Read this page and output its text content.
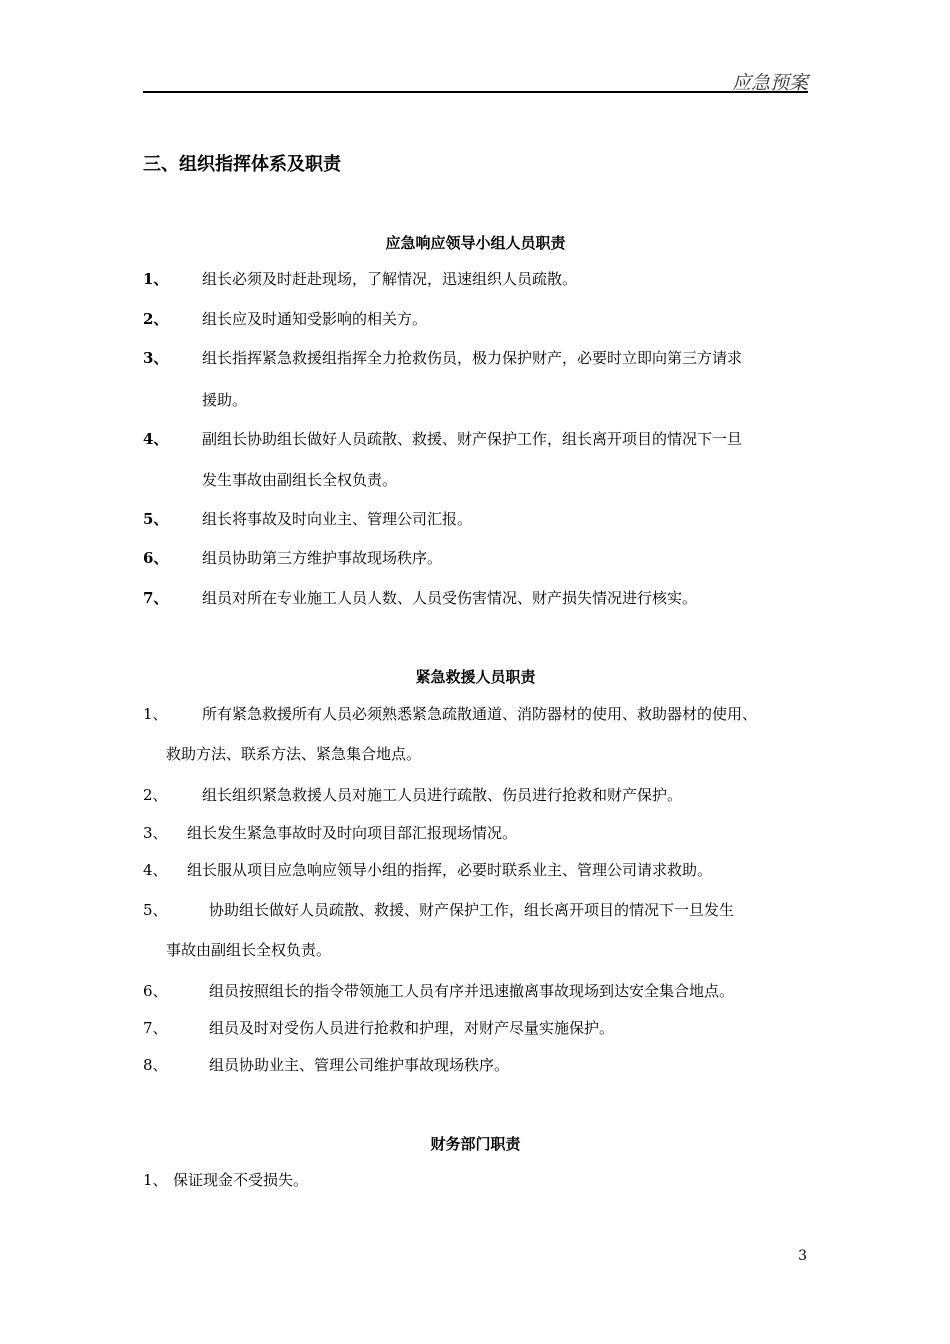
应急预案
三、组织指挥体系及职责
应急响应领导小组人员职责
1、 组长必须及时赶赴现场，了解情况，迅速组织人员疏散。
2、 组长应及时通知受影响的相关方。
3、 组长指挥紧急救援组指挥全力抢救伤员，极力保护财产，必要时立即向第三方请求
援助。
4、 副组长协助组长做好人员疏散、救援、财产保护工作，组长离开项目的情况下一旦
发生事故由副组长全权负责。
5、 组长将事故及时向业主、管理公司汇报。
6、 组员协助第三方维护事故现场秩序。
7、 组员对所在专业施工人员人数、人员受伤害情况、财产损失情况进行核实。
紧急救援人员职责
1、 所有紧急救援所有人员必须熟悉紧急疏散通道、消防器材的使用、救助器材的使用、
救助方法、联系方法、紧急集合地点。
2、 组长组织紧急救援人员对施工人员进行疏散、伤员进行抢救和财产保护。
3、 组长发生紧急事故时及时向项目部汇报现场情况。
4、 组长服从项目应急响应领导小组的指挥，必要时联系业主、管理公司请求救助。
5、	协助组长做好人员疏散、救援、财产保护工作，组长离开项目的情况下一旦发生
事故由副组长全权负责。
6、	组员按照组长的指令带领施工人员有序并迅速撤离事故现场到达安全集合地点。
7、	组员及时对受伤人员进行抢救和护理，对财产尽量实施保护。
8、	组员协助业主、管理公司维护事故现场秩序。
财务部门职责
1、 保证现金不受损失。
3
